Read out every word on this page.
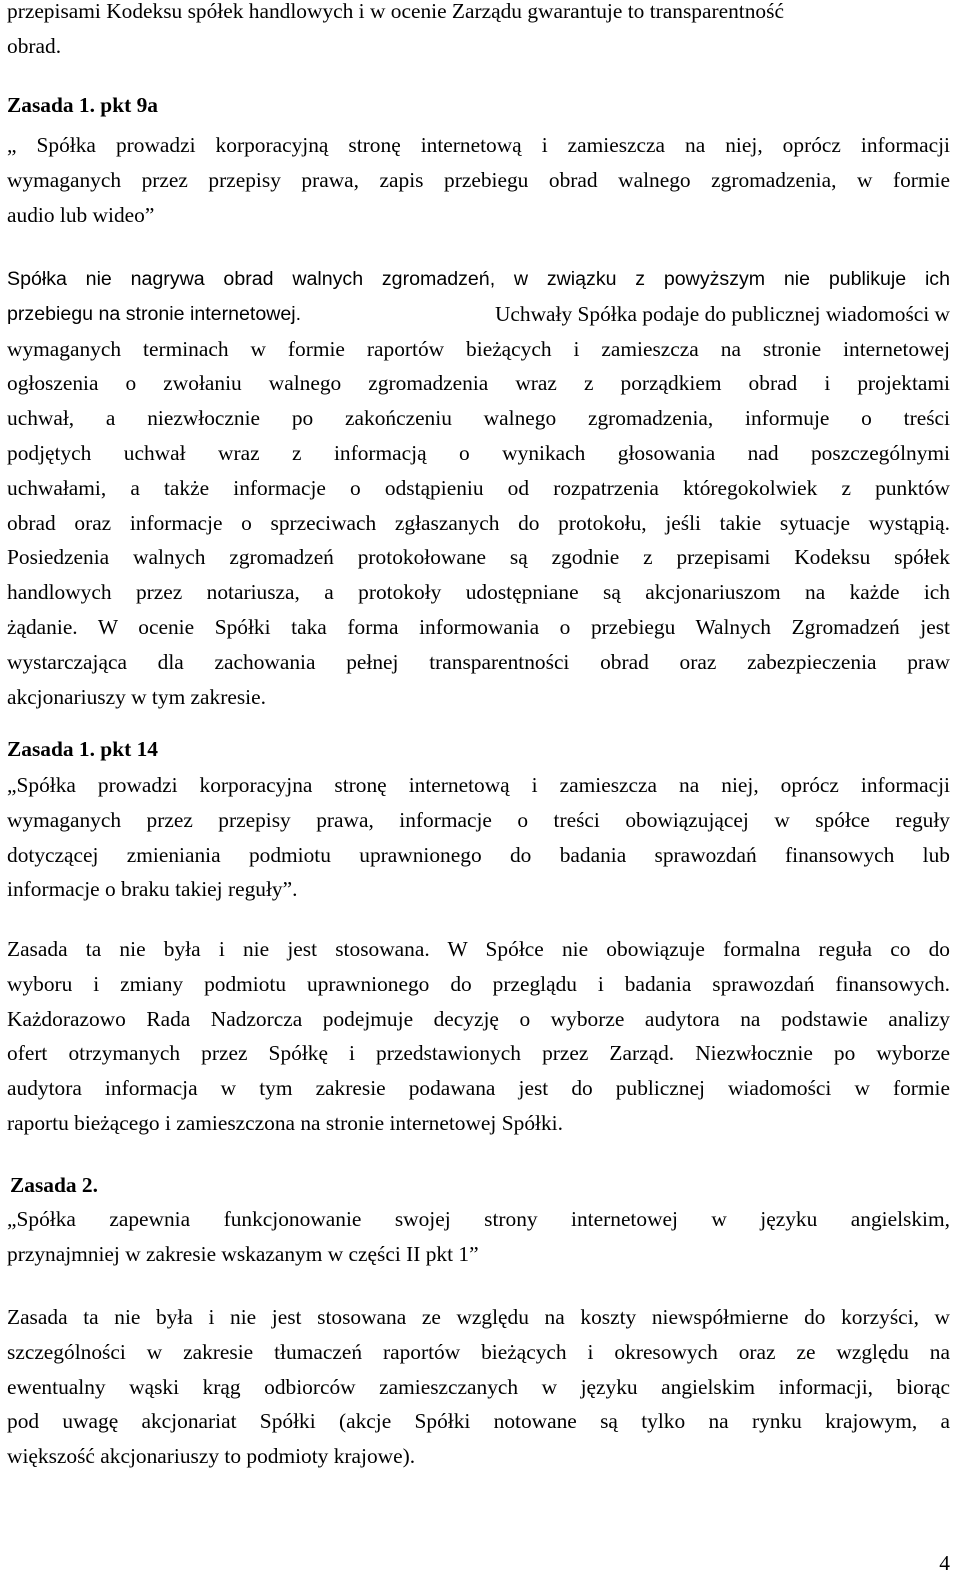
przepisami Kodeksu spółek handlowych i w ocenie Zarządu gwarantuje to transparentność
obrad.
Zasada 1. pkt 9a
„ Spółka prowadzi korporacyjną stronę internetową i zamieszcza na niej, oprócz informacji
wymaganych przez przepisy prawa, zapis przebiegu obrad walnego zgromadzenia, w formie
audio lub wideo”
Spółka nie nagrywa obrad walnych zgromadzeń, w związku z powyższym nie publikuje ich
przebiegu na stronie internetowej.	Uchwały Spółka podaje do publicznej wiadomości w
wymaganych terminach w formie raportów bieżących i zamieszcza na stronie internetowej
ogłoszenia o zwołaniu walnego zgromadzenia wraz z porządkiem obrad i projektami
uchwał, a niezwłocznie po zakończeniu walnego zgromadzenia, informuje o treści
podjętych uchwał wraz z informacją o wynikach głosowania nad poszczególnymi
uchwałami, a także informacje o odstąpieniu od rozpatrzenia któregokolwiek z punktów
obrad oraz informacje o sprzeciwach zgłaszanych do protokołu, jeśli takie sytuacje wystąpią.
Posiedzenia walnych zgromadzeń protokołowane są zgodnie z przepisami Kodeksu spółek
handlowych przez notariusza, a protokoły udostępniane są akcjonariuszom na każde ich
żądanie. W ocenie Spółki taka forma informowania o przebiegu Walnych Zgromadzeń jest
wystarczająca dla zachowania pełnej transparentności obrad oraz zabezpieczenia praw
akcjonariuszy w tym zakresie.
Zasada 1. pkt 14
„Spółka prowadzi korporacyjna stronę internetową i zamieszcza na niej, oprócz informacji
wymaganych przez przepisy prawa, informacje o treści obowiązującej w spółce reguły
dotyczącej zmieniania podmiotu uprawnionego do badania sprawozdań finansowych lub
informacje o braku takiej reguły”.
Zasada ta nie była i nie jest stosowana. W Spółce nie obowiązuje formalna reguła co do
wyboru i zmiany podmiotu uprawnionego do przeglądu i badania sprawozdań finansowych.
Każdorazowo Rada Nadzorcza podejmuje decyzję o wyborze audytora na podstawie analizy
ofert otrzymanych przez Spółkę i przedstawionych przez Zarząd. Niezwłocznie po wyborze
audytora informacja w tym zakresie podawana jest do publicznej wiadomości w formie
raportu bieżącego i zamieszczona na stronie internetowej Spółki.
Zasada 2.
„Spółka zapewnia funkcjonowanie swojej strony internetowej w języku angielskim,
przynajmniej w zakresie wskazanym w części II pkt 1”
Zasada ta nie była i nie jest stosowana ze względu na koszty niewspółmierne do korzyści, w
szczególności w zakresie tłumaczeń raportów bieżących i okresowych oraz ze względu na
ewentualny wąski krąg odbiorców zamieszczanych w języku angielskim informacji, biorąc
pod uwagę akcjonariat Spółki (akcje Spółki notowane są tylko na rynku krajowym, a
większość akcjonariuszy to podmioty krajowe).
4
